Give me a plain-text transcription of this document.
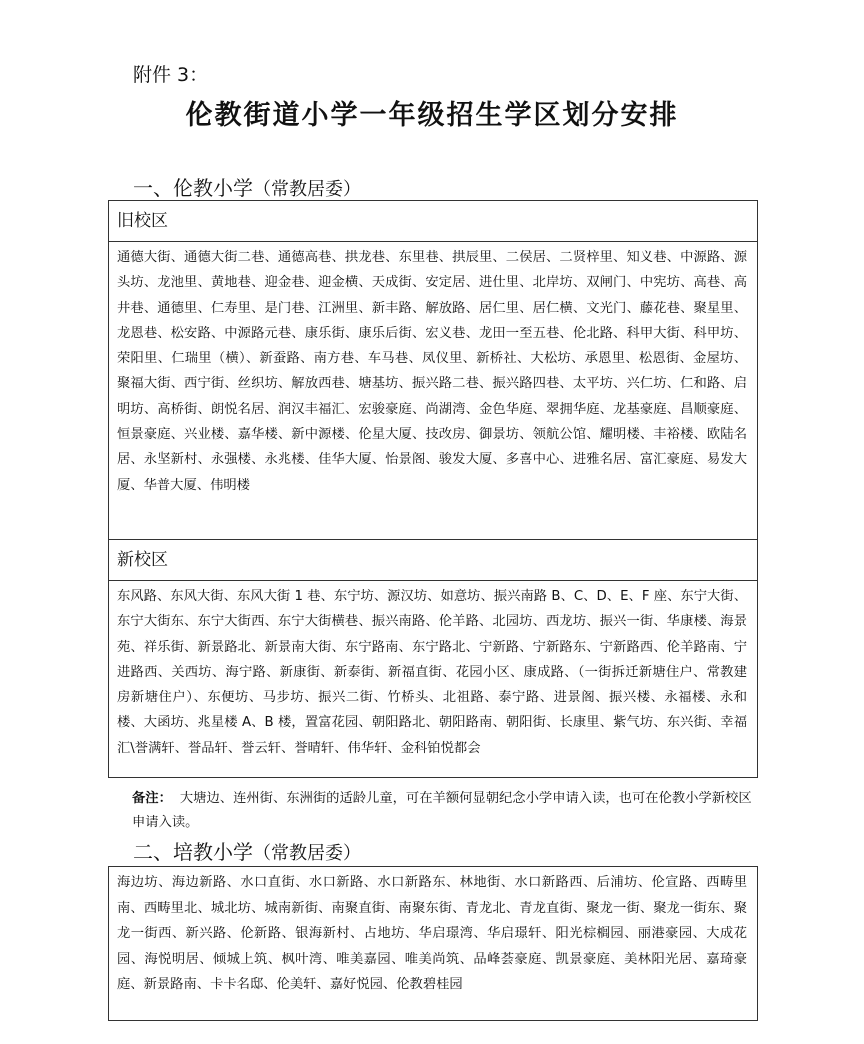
附件 3：
伦教街道小学一年级招生学区划分安排
一、伦教小学（常教居委）
旧校区
通德大街、通德大街二巷、通德高巷、拱龙巷、东里巷、拱辰里、二侯居、二贤梓里、知义巷、中源路、源头坊、龙池里、黄地巷、迎金巷、迎金横、天成街、安定居、进仕里、北岸坊、双闸门、中宪坊、高巷、高井巷、通德里、仁寿里、是门巷、江洲里、新丰路、解放路、居仁里、居仁横、文光门、藤花巷、聚星里、龙恩巷、松安路、中源路元巷、康乐街、康乐后街、宏义巷、龙田一至五巷、伦北路、科甲大街、科甲坊、荣阳里、仁瑞里（横）、新蚕路、南方巷、车马巷、凤仪里、新桥社、大松坊、承恩里、松恩街、金屋坊、聚福大街、西宁街、丝织坊、解放西巷、塘基坊、振兴路二巷、振兴路四巷、太平坊、兴仁坊、仁和路、启明坊、高桥街、朗悦名居、润汉丰福汇、宏骏豪庭、尚湖湾、金色华庭、翠拥华庭、龙基豪庭、昌顺豪庭、恒景豪庭、兴业楼、嘉华楼、新中源楼、伦星大厦、技改房、御景坊、领航公馆、耀明楼、丰裕楼、欧陆名居、永坚新村、永强楼、永兆楼、佳华大厦、怡景阁、骏发大厦、多喜中心、进雅名居、富汇豪庭、易发大厦、华普大厦、伟明楼
新校区
东风路、东风大街、东风大街 1 巷、东宁坊、源汉坊、如意坊、振兴南路 B、C、D、E、F 座、东宁大街、东宁大街东、东宁大街西、东宁大街横巷、振兴南路、伦羊路、北园坊、西龙坊、振兴一街、华康楼、海景苑、祥乐街、新景路北、新景南大街、东宁路南、东宁路北、宁新路、宁新路东、宁新路西、伦羊路南、宁进路西、关西坊、海宁路、新康街、新泰街、新福直街、花园小区、康成路、（一街拆迁新塘住户、常教建房新塘住户）、东便坊、马步坊、振兴二街、竹桥头、北祖路、泰宁路、进景阁、振兴楼、永福楼、永和楼、大函坊、兆星楼 A、B 楼，置富花园、朝阳路北、朝阳路南、朝阳街、长康里、紫气坊、东兴街、幸福汇\誉满轩、誉品轩、誉云轩、誉晴轩、伟华轩、金科铂悦都会
备注： 大塘边、连州街、东洲街的适龄儿童，可在羊额何显朝纪念小学申请入读，也可在伦教小学新校区申请入读。
二、培教小学（常教居委）
海边坊、海边新路、水口直街、水口新路、水口新路东、林地街、水口新路西、后浦坊、伦宣路、西畴里南、西畴里北、城北坊、城南新街、南聚直街、南聚东街、青龙北、青龙直街、聚龙一街、聚龙一街东、聚龙一街西、新兴路、伦新路、银海新村、占地坊、华启璟湾、华启璟轩、阳光棕榈园、丽港豪园、大成花园、海悦明居、倾城上筑、枫叶湾、唯美嘉园、唯美尚筑、品峰荟豪庭、凯景豪庭、美林阳光居、嘉琦豪庭、新景路南、卡卡名邸、伦美轩、嘉好悦园、伦教碧桂园
